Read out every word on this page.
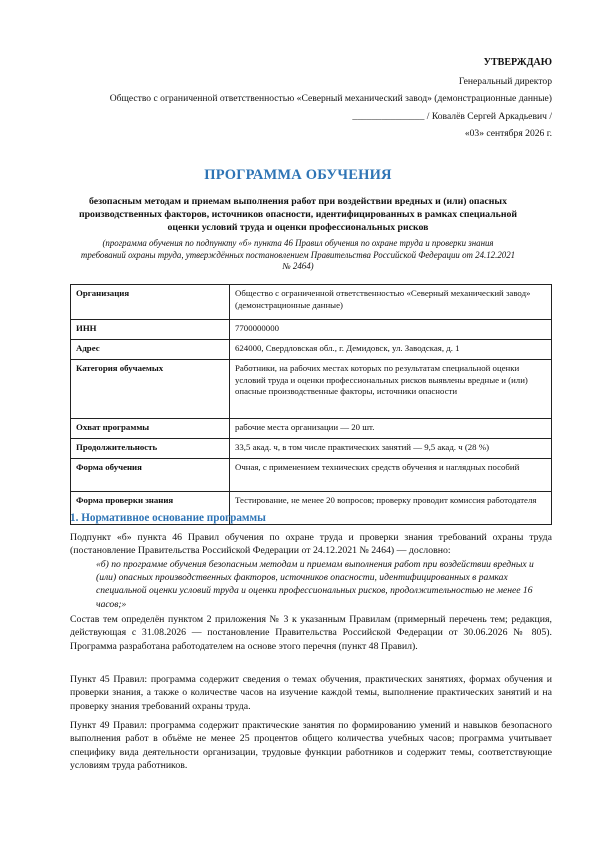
УТВЕРЖДАЮ
Генеральный директор
Общество с ограниченной ответственностью «Северный механический завод» (демонстрационные данные)
_______________ / Ковалёв Сергей Аркадьевич /
«03» сентября 2026 г.
ПРОГРАММА ОБУЧЕНИЯ
безопасным методам и приемам выполнения работ при воздействии вредных и (или) опасных производственных факторов, источников опасности, идентифицированных в рамках специальной оценки условий труда и оценки профессиональных рисков
(программа обучения по подпункту «б» пункта 46 Правил обучения по охране труда и проверки знания требований охраны труда, утверждённых постановлением Правительства Российской Федерации от 24.12.2021 № 2464)
Организация	Общество с ограниченной ответственностью «Северный механический завод» (демонстрационные данные)
ИНН	7700000000
Адрес	624000, Свердловская обл., г. Демидовск, ул. Заводская, д. 1
Категория обучаемых	Работники, на рабочих местах которых по результатам специальной оценки условий труда и оценки профессиональных рисков выявлены вредные и (или) опасные производственные факторы, источники опасности
Охват программы	рабочие места организации — 20 шт.
Продолжительность	33,5 акад. ч, в том числе практических занятий — 9,5 акад. ч (28 %)
Форма обучения	Очная, с применением технических средств обучения и наглядных пособий
Форма проверки знания	Тестирование, не менее 20 вопросов; проверку проводит комиссия работодателя
1. Нормативное основание программы
Подпункт «б» пункта 46 Правил обучения по охране труда и проверки знания требований охраны труда (постановление Правительства Российской Федерации от 24.12.2021 № 2464) — дословно:
«б) по программе обучения безопасным методам и приемам выполнения работ при воздействии вредных и (или) опасных производственных факторов, источников опасности, идентифицированных в рамках специальной оценки условий труда и оценки профессиональных рисков, продолжительностью не менее 16 часов;»
Состав тем определён пунктом 2 приложения № 3 к указанным Правилам (примерный перечень тем; редакция, действующая с 31.08.2026 — постановление Правительства Российской Федерации от 30.06.2026 № 805). Программа разработана работодателем на основе этого перечня (пункт 48 Правил).
Пункт 45 Правил: программа содержит сведения о темах обучения, практических занятиях, формах обучения и проверки знания, а также о количестве часов на изучение каждой темы, выполнение практических занятий и на проверку знания требований охраны труда.
Пункт 49 Правил: программа содержит практические занятия по формированию умений и навыков безопасного выполнения работ в объёме не менее 25 процентов общего количества учебных часов; программа учитывает специфику вида деятельности организации, трудовые функции работников и содержит темы, соответствующие условиям труда работников.
